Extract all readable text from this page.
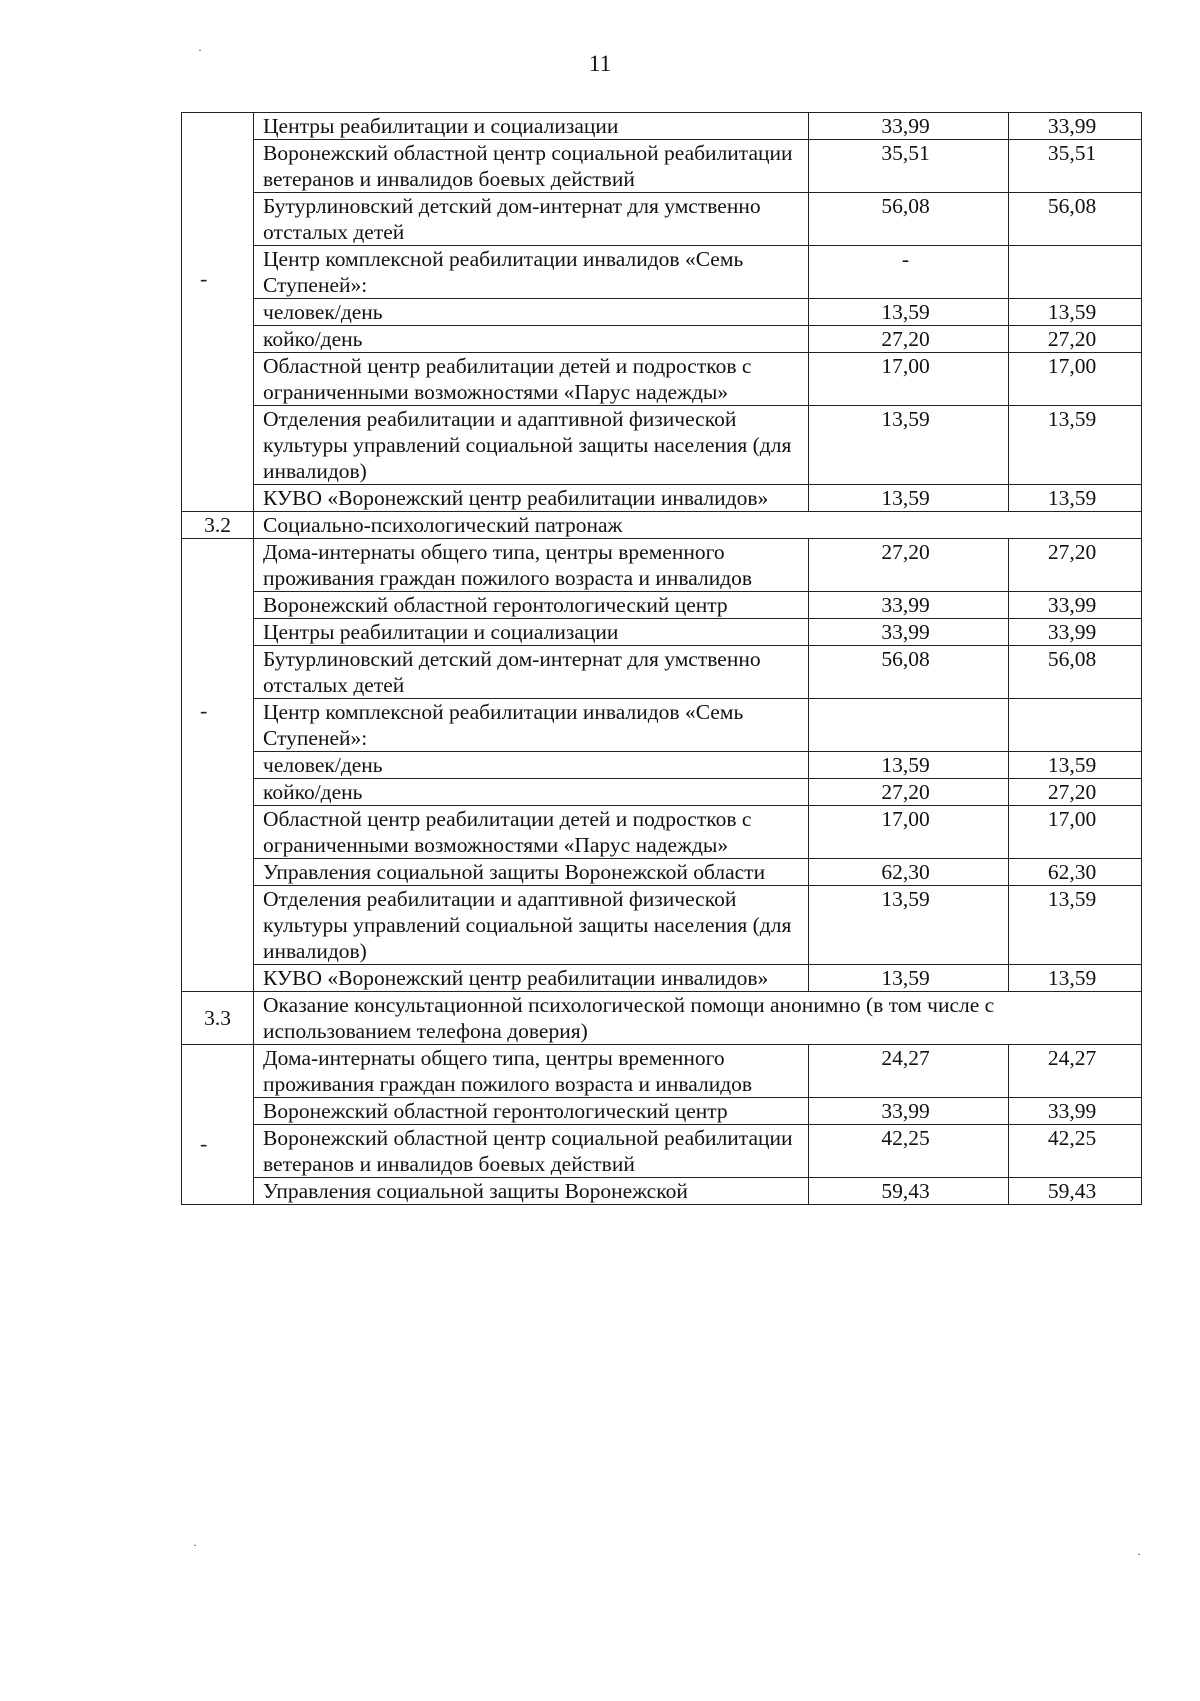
·
·
·
11
	Центры реабилитации и социализации	33,99	33,99
	Воронежский областной центр социальной реабилитации ветеранов и инвалидов боевых действий	35,51	35,51
	Бутурлиновский детский дом-интернат для умственно отсталых детей	56,08	56,08
	Центр комплексной реабилитации инвалидов «Семь Ступеней»:	-	
	человек/день	13,59	13,59
	койко/день	27,20	27,20
	Областной центр реабилитации детей и подростков с ограниченными возможностями «Парус надежды»	17,00	17,00
	Отделения реабилитации и адаптивной физической культуры управлений социальной защиты населения (для инвалидов)	13,59	13,59
	КУВО «Воронежский центр реабилитации инвалидов»	13,59	13,59
3.2	Социально-психологический патронаж		
	Дома-интернаты общего типа, центры временного проживания граждан пожилого возраста и инвалидов	27,20	27,20
	Воронежский областной геронтологический центр	33,99	33,99
	Центры реабилитации и социализации	33,99	33,99
	Бутурлиновский детский дом-интернат для умственно отсталых детей	56,08	56,08
	Центр комплексной реабилитации инвалидов «Семь Ступеней»:		
	человек/день	13,59	13,59
	койко/день	27,20	27,20
	Областной центр реабилитации детей и подростков с ограниченными возможностями «Парус надежды»	17,00	17,00
	Управления социальной защиты Воронежской области	62,30	62,30
	Отделения реабилитации и адаптивной физической культуры управлений социальной защиты населения (для инвалидов)	13,59	13,59
	КУВО «Воронежский центр реабилитации инвалидов»	13,59	13,59
3.3	Оказание консультационной психологической помощи анонимно (в том числе с использованием телефона доверия)		
	Дома-интернаты общего типа, центры временного проживания граждан пожилого возраста и инвалидов	24,27	24,27
	Воронежский областной геронтологический центр	33,99	33,99
	Воронежский областной центр социальной реабилитации ветеранов и инвалидов боевых действий	42,25	42,25
	Управления социальной защиты Воронежской	59,43	59,43
-
-
-
